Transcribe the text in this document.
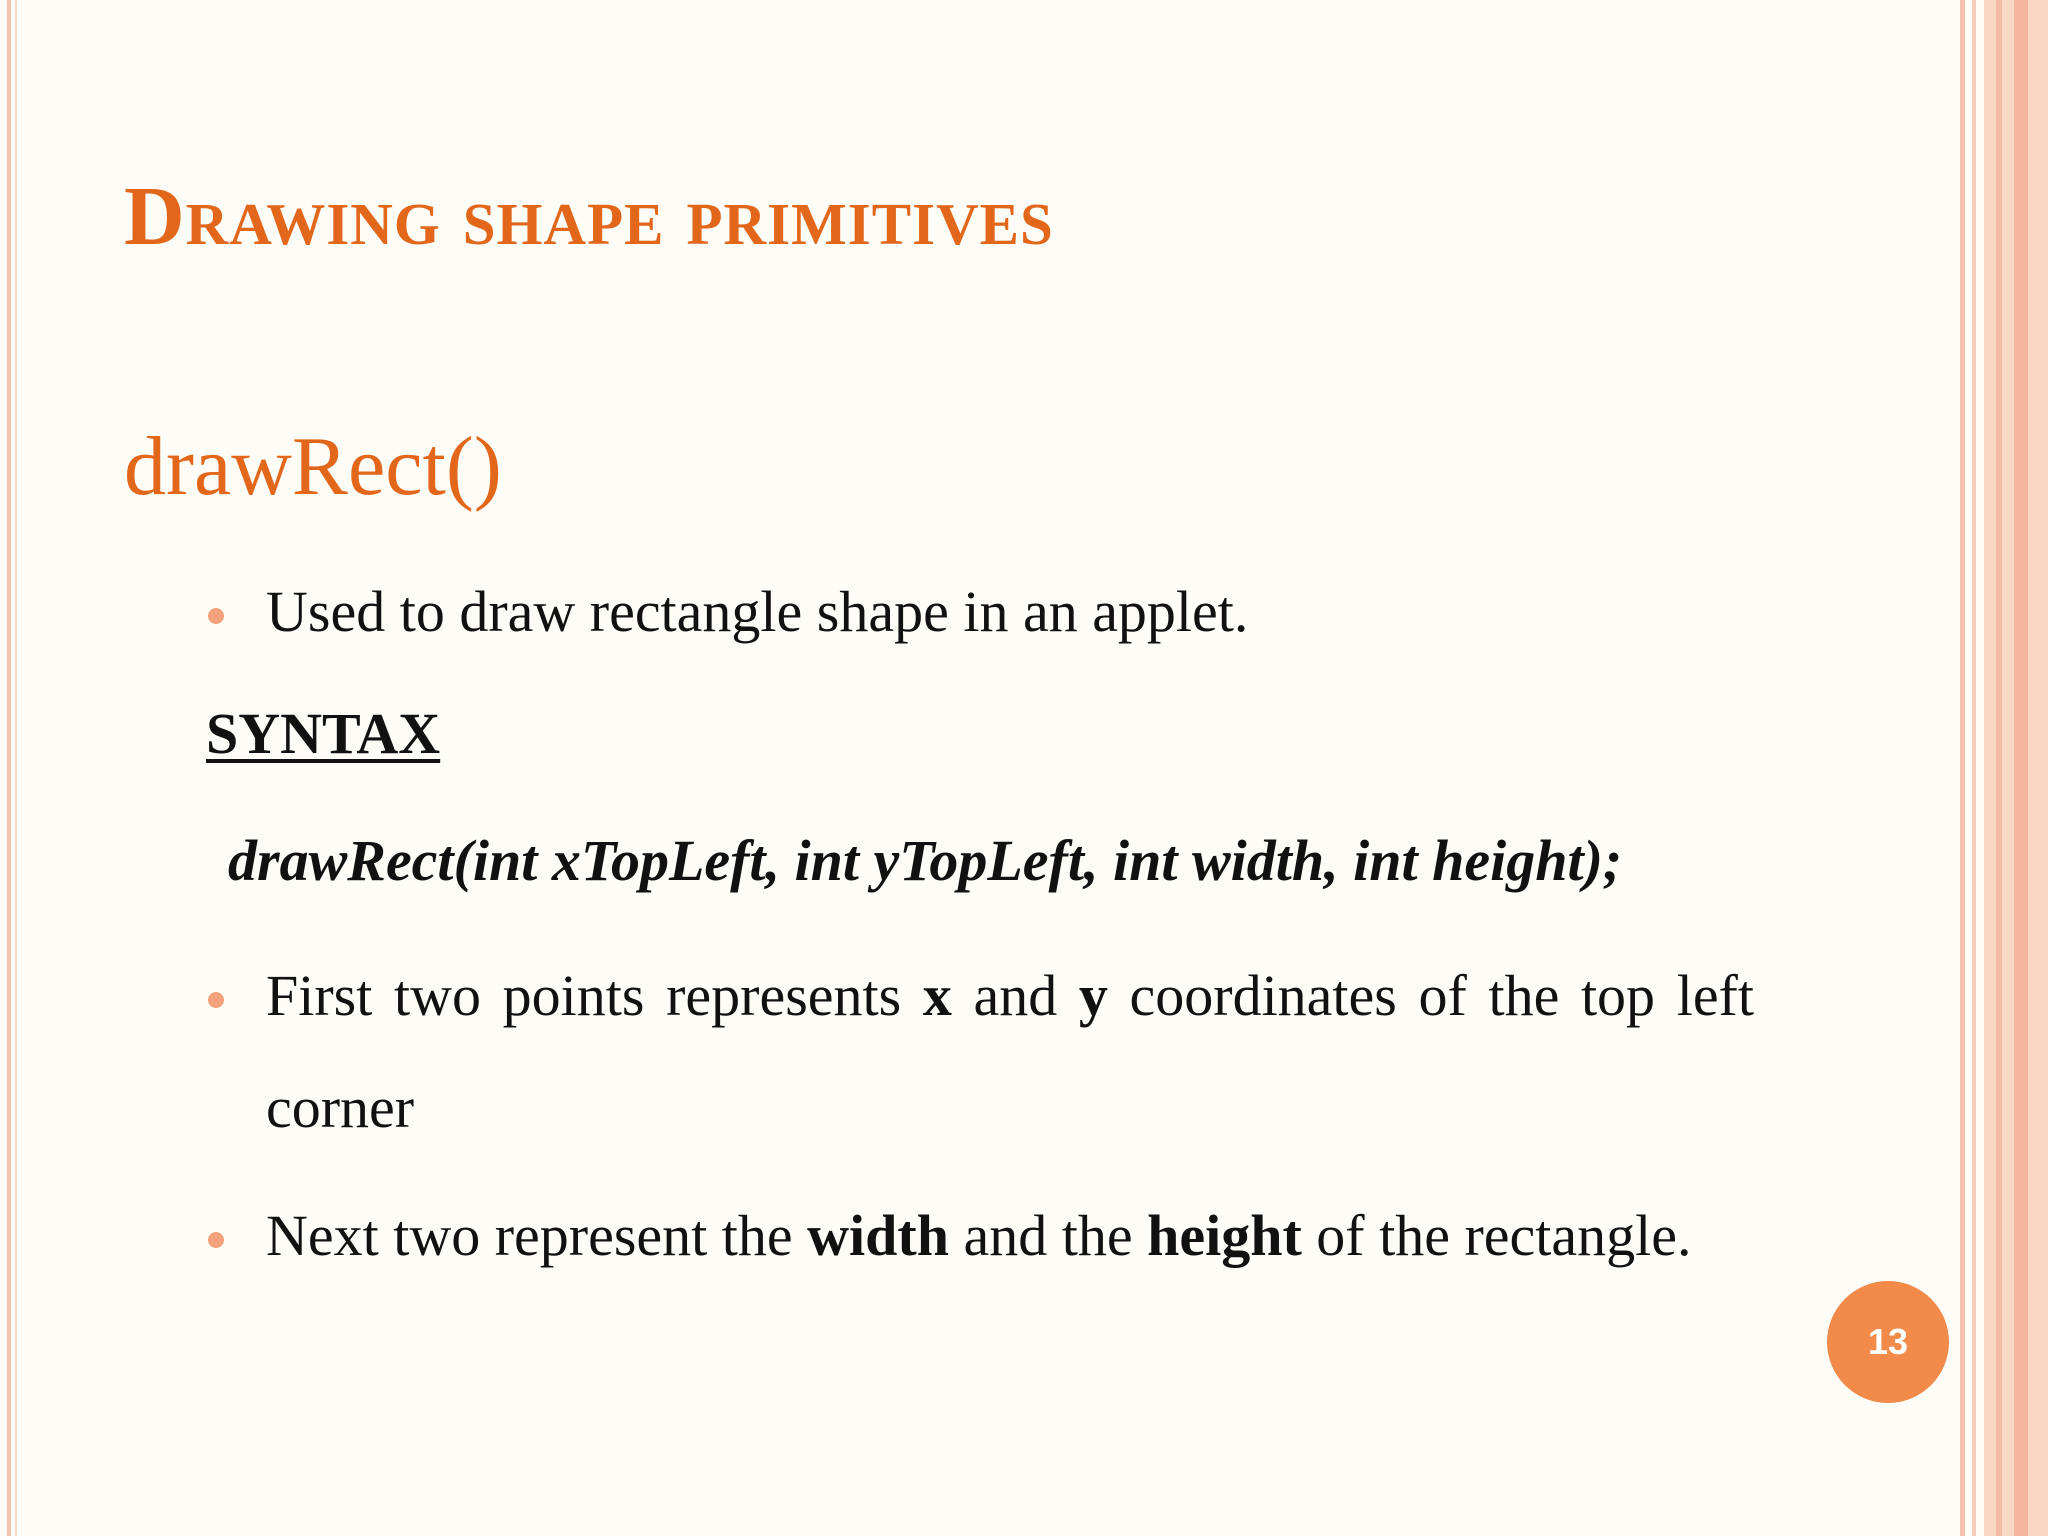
Drawing shape primitives
drawRect()
Used to draw rectangle shape in an applet.

SYNTAX

drawRect(int xTopLeft, int yTopLeft, int width, int height);

First two points represents x and y coordinates of the top left corner
Next two represent the width and the height of the rectangle.
13
